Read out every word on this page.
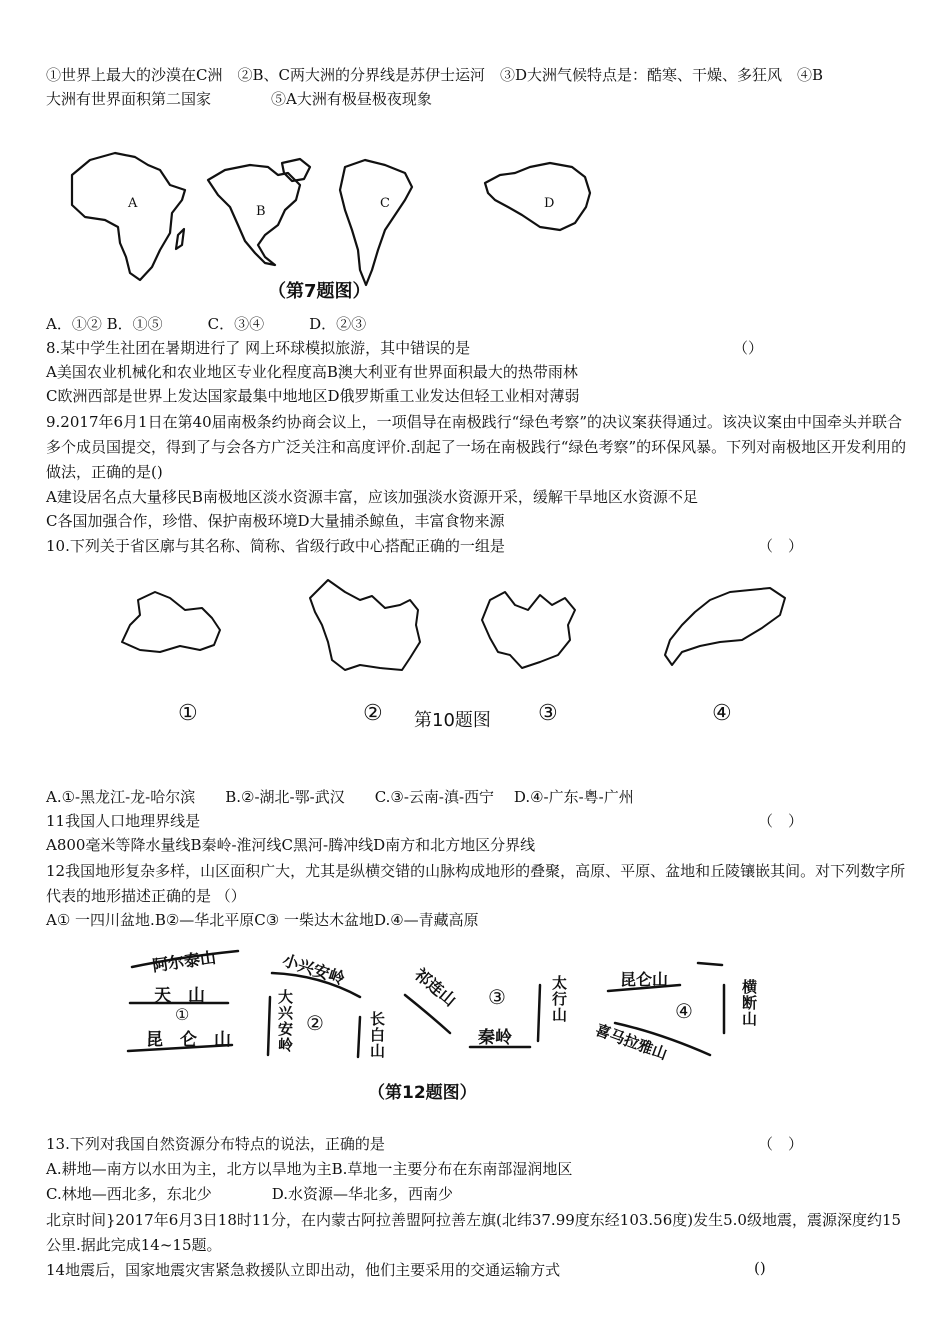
①世界上最大的沙漠在C洲　②B、C两大洲的分界线是苏伊士运河　③D大洲气候特点是：酷寒、干燥、多狂风　④B
大洲有世界面积第二国家　　　　⑤A大洲有极昼极夜现象
A
B
C	D
（第7题图）
A．①② B．①⑤　　　C．③④　　　D．②③
8.某中学生社团在暑期进行了 网上环球模拟旅游，其中错误的是	（）
A美国农业机械化和农业地区专业化程度高B澳大利亚有世界面积最大的热带雨林
C欧洲西部是世界上发达国家最集中地地区D俄罗斯重工业发达但轻工业相对薄弱
9.2017年6月1日在第40届南极条约协商会议上，一项倡导在南极践行“绿色考察”的决议案获得通过。该决议案由中国牵头并联合多个成员国提交，得到了与会各方广泛关注和高度评价.刮起了一场在南极践行“绿色考察”的环保风暴。下列对南极地区开发利用的做法，正确的是()
A建设居名点大量移民B南极地区淡水资源丰富，应该加强淡水资源开采，缓解干旱地区水资源不足
C各国加强合作，珍惜、保护南极环境D大量捕杀鲸鱼，丰富食物来源
10.下列关于省区廓与其名称、简称、省级行政中心搭配正确的一组是	（　）
①	② 第10题图 ③	④
A.①-黑龙江-龙-哈尔滨　　B.②-湖北-鄂-武汉　　C.③-云南-滇-西宁　 D.④-广东-粤-广州
11我国人口地理界线是	（　）
A800毫米等降水量线B秦岭-淮河线C黑河-腾冲线D南方和北方地区分界线
12我国地形复杂多样，山区面积广大，尤其是纵横交错的山脉构成地形的叠聚，高原、平原、盆地和丘陵镶嵌其间。对下列数字所代表的地形描述正确的是 （）
A① 一四川盆地.B②—华北平原C③ 一柴达木盆地D.④—青藏高原
阿尔泰山
天　山
①
昆　仑　山
小兴安岭
大兴安岭
②	长白山
祁连山 ③
秦岭
太行山
昆仑山
④
喜马拉雅山
横断山
（第12题图）
13.下列对我国自然资源分布特点的说法，正确的是	（　）
A.耕地—南方以水田为主，北方以旱地为主B.草地一主要分布在东南部湿润地区
C.林地—西北多，东北少　　　　D.水资源—华北多，西南少
北京时间}2017年6月3日18时11分，在内蒙古阿拉善盟阿拉善左旗(北纬37.99度东经103.56度)发生5.0级地震，震源深度约15公里.据此完成14~15题。
14地震后，国家地震灾害紧急救援队立即出动，他们主要采用的交通运输方式	()
